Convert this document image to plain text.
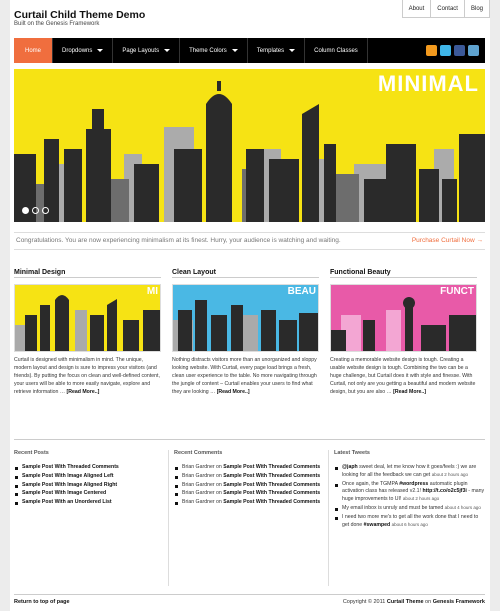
Curtail Child Theme Demo
Built on the Genesis Framework
About	Contact	Blog
Home	Dropdowns	Page Layouts	Theme Colors	Templates	Column Classes
MINIMAL
Congratulations. You are now experiencing minimalism at its finest. Hurry, your audience is watching and waiting.	Purchase Curtail Now →
Minimal Design
MI

Curtail is designed with minimalism in mind. The unique, modern layout and design is sure to impress your visitors (and friends). By putting the focus on clean and well-defined content, your users will be able to more easily navigate, explore and retrieve information … [Read More..]

Clean Layout
BEAU

Nothing distracts visitors more than an unorganized and sloppy looking website. With Curtail, every page load brings a fresh, clean user experience to the table. No more navigating through the jungle of content – Curtail enables your users to find what they are looking … [Read More..]

Functional Beauty
FUNCT

Creating a memorable website design is tough. Creating a usable website design is tough. Combining the two can be a huge challenge, but Curtail does it with style and finesse. With Curtail, not only are you getting a beautiful and modern website design, but you are also … [Read More..]

Recent Posts
Sample Post With Threaded Comments
Sample Post With Image Aligned Left
Sample Post With Image Aligned Right
Sample Post With Image Centered
Sample Post With an Unordered List
Recent Comments
Brian Gardner on Sample Post With Threaded Comments
Brian Gardner on Sample Post With Threaded Comments
Brian Gardner on Sample Post With Threaded Comments
Brian Gardner on Sample Post With Threaded Comments
Brian Gardner on Sample Post With Threaded Comments
Latest Tweets
@japh sweet deal, let me know how it goes/feels :) we are looking for all the feedback we can get about 2 hours ago
Once again, the TGMPA #wordpress automatic plugin activation class has released v2.1! http://t.co/o2c5jf3i - many huge improvements to UI! about 2 hours ago
My email inbox is unruly and must be tamed about 4 hours ago
I need two more me's to get all the work done that I need to get done #swamped about 6 hours ago
Return to top of page	Copyright © 2011 Curtail Theme on Genesis Framework
